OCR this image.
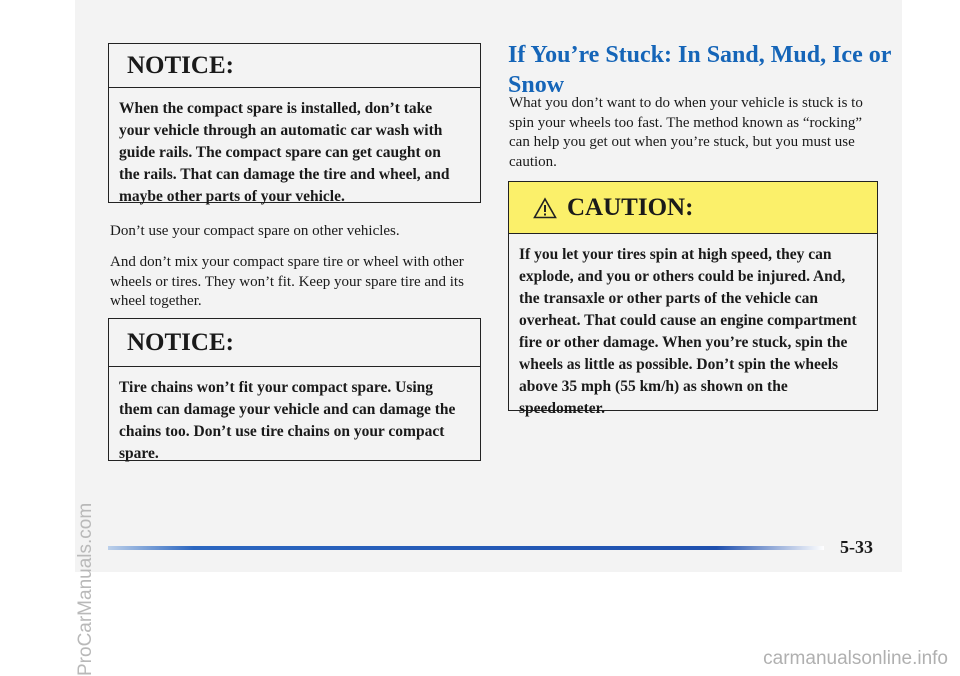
NOTICE:
When the compact spare is installed, don’t take your vehicle through an automatic car wash with guide rails. The compact spare can get caught on the rails. That can damage the tire and wheel, and maybe other parts of your vehicle.
Don’t use your compact spare on other vehicles.
And don’t mix your compact spare tire or wheel with other wheels or tires. They won’t fit. Keep your spare tire and its wheel together.
NOTICE:
Tire chains won’t fit your compact spare. Using them can damage your vehicle and can damage the chains too. Don’t use tire chains on your compact spare.
If You’re Stuck: In Sand, Mud, Ice or Snow
What you don’t want to do when your vehicle is stuck is to spin your wheels too fast. The method known as “rocking” can help you get out when you’re stuck, but you must use caution.
CAUTION:
If you let your tires spin at high speed, they can explode, and you or others could be injured. And, the transaxle or other parts of the vehicle can overheat. That could cause an engine compartment fire or other damage. When you’re stuck, spin the wheels as little as possible. Don’t spin the wheels above 35 mph (55 km/h) as shown on the speedometer.
5-33
ProCarManuals.com	carmanualsonline.info
